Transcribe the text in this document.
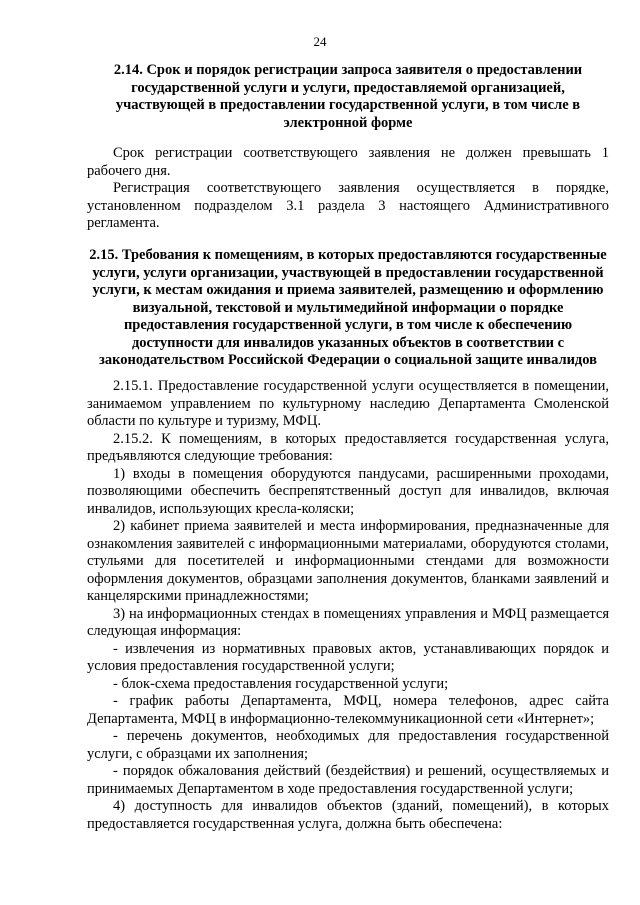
24

2.14. Срок и порядок регистрации запроса заявителя о предоставлении государственной услуги и услуги, предоставляемой организацией, участвующей в предоставлении государственной услуги, в том числе в электронной форме

Срок регистрации соответствующего заявления не должен превышать 1 рабочего дня.

Регистрация соответствующего заявления осуществляется в порядке, установленном подразделом 3.1 раздела 3 настоящего Административного регламента.

2.15. Требования к помещениям, в которых предоставляются государственные услуги, услуги организации, участвующей в предоставлении государственной услуги, к местам ожидания и приема заявителей, размещению и оформлению визуальной, текстовой и мультимедийной информации о порядке предоставления государственной услуги, в том числе к обеспечению доступности для инвалидов указанных объектов в соответствии с законодательством Российской Федерации о социальной защите инвалидов

2.15.1. Предоставление государственной услуги осуществляется в помещении, занимаемом управлением по культурному наследию Департамента Смоленской области по культуре и туризму, МФЦ.

2.15.2. К помещениям, в которых предоставляется государственная услуга, предъявляются следующие требования:

1) входы в помещения оборудуются пандусами, расширенными проходами, позволяющими обеспечить беспрепятственный доступ для инвалидов, включая инвалидов, использующих кресла-коляски;

2) кабинет приема заявителей и места информирования, предназначенные для ознакомления заявителей с информационными материалами, оборудуются столами, стульями для посетителей и информационными стендами для возможности оформления документов, образцами заполнения документов, бланками заявлений и канцелярскими принадлежностями;

3) на информационных стендах в помещениях управления и МФЦ размещается следующая информация:

- извлечения из нормативных правовых актов, устанавливающих порядок и условия предоставления государственной услуги;

- блок-схема предоставления государственной услуги;

- график работы Департамента, МФЦ, номера телефонов, адрес сайта Департамента, МФЦ в информационно-телекоммуникационной сети «Интернет»;

- перечень документов, необходимых для предоставления государственной услуги, с образцами их заполнения;

- порядок обжалования действий (бездействия) и решений, осуществляемых и принимаемых Департаментом в ходе предоставления государственной услуги;

4) доступность для инвалидов объектов (зданий, помещений), в которых предоставляется государственная услуга, должна быть обеспечена:
